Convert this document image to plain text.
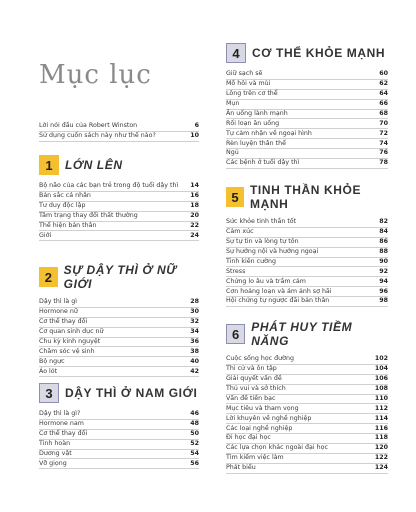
Mục lục
Lời nói đầu của Robert Winston	6
Sử dụng cuốn sách này như thế nào?	10
1	LỚN LÊN
Bộ não của các bạn trẻ trong độ tuổi dậy thì	14
Bản sắc cá nhân	16
Tư duy độc lập	18
Tâm trạng thay đổi thất thường	20
Thể hiện bản thân	22
Giới	24
2 SỰ DẬY THÌ Ở NỮ GIỚI
Dậy thì là gì	28
Hormone nữ	30
Cơ thể thay đổi	32
Cơ quan sinh dục nữ	34
Chu kỳ kinh nguyệt	36
Chăm sóc vệ sinh	38
Bộ ngực	40
Áo lót	42
3	DẬY THÌ Ở NAM GIỚI
Dậy thì là gì?	46
Hormone nam	48
Cơ thể thay đổi	50
Tinh hoàn	52
Dương vật	54
Vỡ giọng	56
4	CƠ THỂ KHỎE MẠNH
Giữ sạch sẽ	60
Mồ hôi và mùi	62
Lông trên cơ thể	64
Mụn	66
Ăn uống lành mạnh	68
Rối loạn ăn uống	70
Tự cảm nhận về ngoại hình	72
Rèn luyện thân thể	74
Ngủ	76
Các bệnh ở tuổi dậy thì	78
5 TINH THẦN KHỎE MẠNH
Sức khỏe tinh thần tốt	82
Cảm xúc	84
Sự tự tin và lòng tự tôn	86
Sự hướng nội và hướng ngoại	88
Tinh kiên cường	90
Stress	92
Chứng lo âu và trầm cảm	94
Cơn hoảng loạn và ám ảnh sợ hãi	96
Hội chứng tự ngược đãi bản thân	98
6	PHÁT HUY TIỀM NĂNG
Cuộc sống học đường	102
Thi cử và ôn tập	104
Giải quyết vấn đề	106
Thủ vui và sở thích	108
Vấn đề tiền bạc	110
Mục tiêu và tham vọng	112
Lời khuyên về nghề nghiệp	114
Các loại nghề nghiệp	116
Đi học đại học	118
Các lựa chọn khác ngoài đại học	120
Tìm kiếm việc làm	122
Phát biểu	124
